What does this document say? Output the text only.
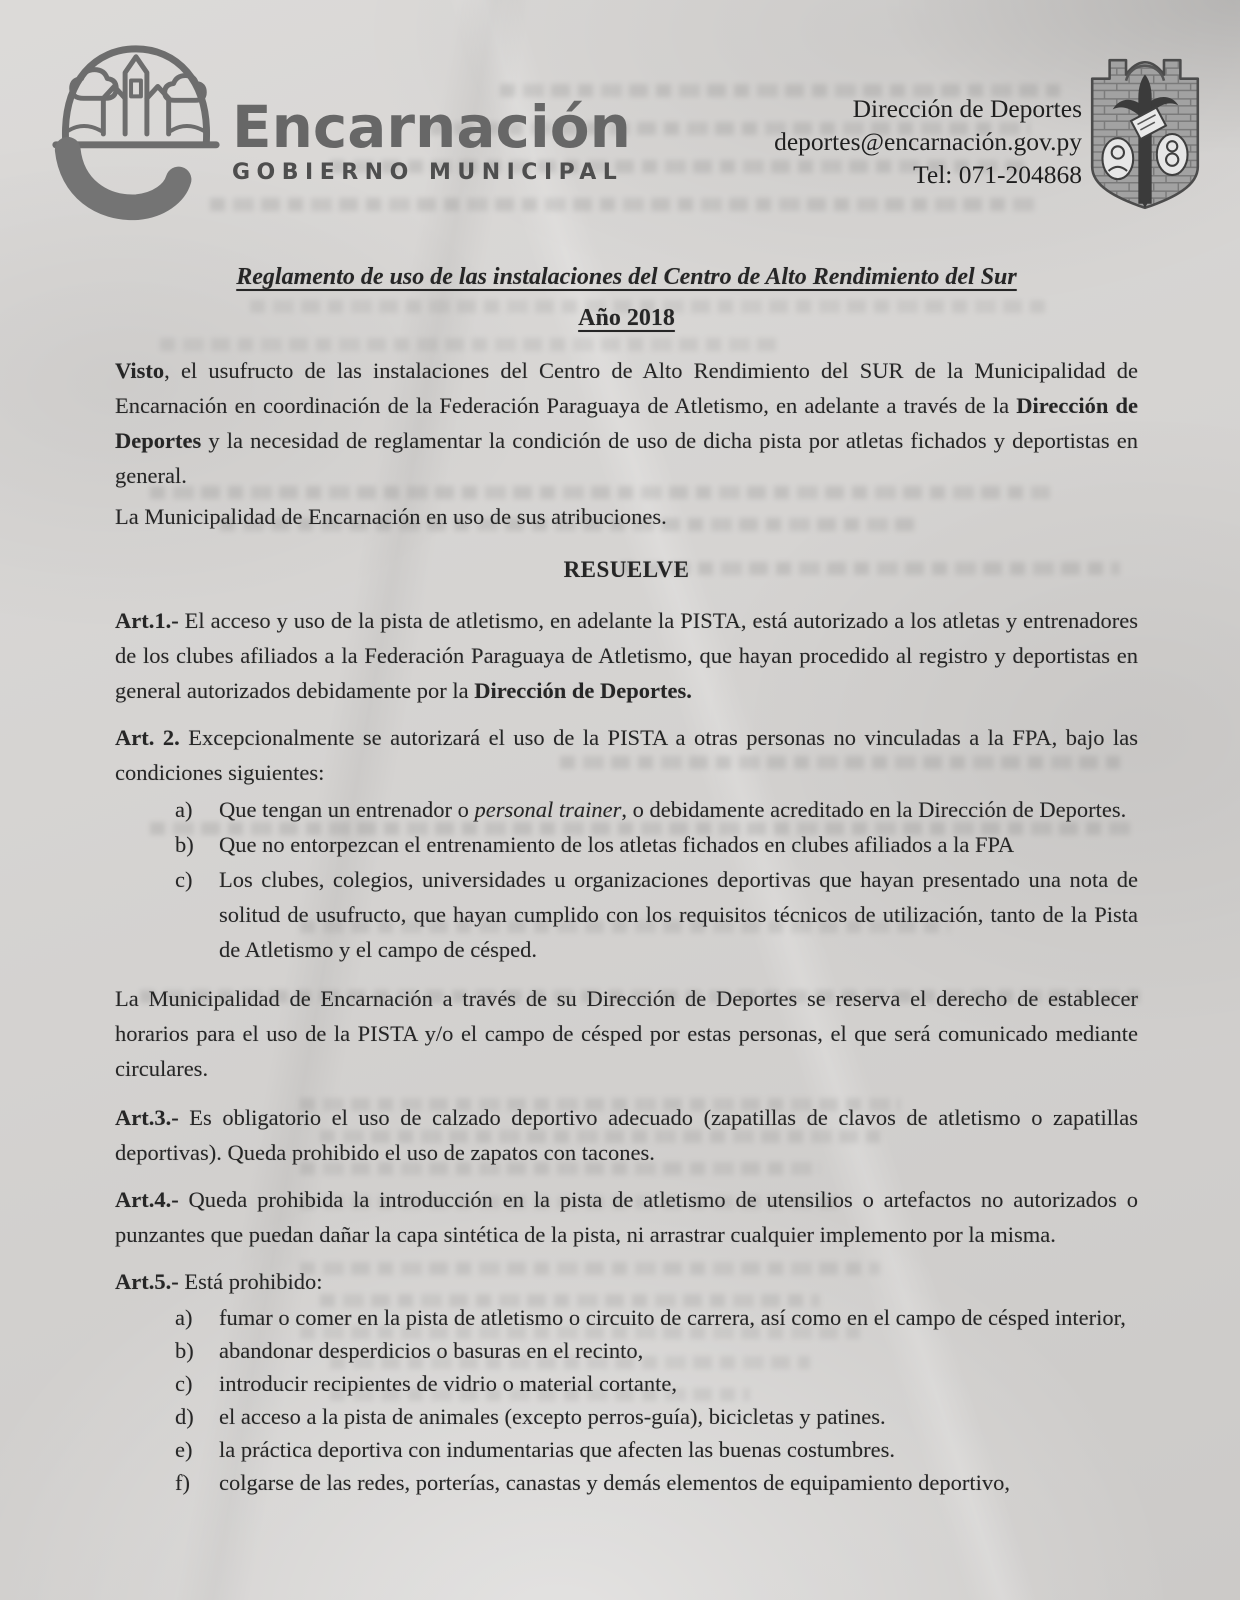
Encarnación
GOBIERNO MUNICIPAL
Dirección de Deportes
deportes@encarnación.gov.py
Tel: 071-204868
Reglamento de uso de las instalaciones del Centro de Alto Rendimiento del Sur
Año 2018

Visto, el usufructo de las instalaciones del Centro de Alto Rendimiento del SUR de la Municipalidad de Encarnación en coordinación de la Federación Paraguaya de Atletismo, en adelante a través de la Dirección de Deportes y la necesidad de reglamentar la condición de uso de dicha pista por atletas fichados y deportistas en general.

La Municipalidad de Encarnación en uso de sus atribuciones.

RESUELVE

Art.1.- El acceso y uso de la pista de atletismo, en adelante la PISTA, está autorizado a los atletas y entrenadores de los clubes afiliados a la Federación Paraguaya de Atletismo, que hayan procedido al registro y deportistas en general autorizados debidamente por la Dirección de Deportes.

Art. 2. Excepcionalmente se autorizará el uso de la PISTA a otras personas no vinculadas a la FPA, bajo las condiciones siguientes:

a)	Que tengan un entrenador o personal trainer, o debidamente acreditado en la Dirección de Deportes.
b)	Que no entorpezcan el entrenamiento de los atletas fichados en clubes afiliados a la FPA
c)	Los clubes, colegios, universidades u organizaciones deportivas que hayan presentado una nota de solitud de usufructo, que hayan cumplido con los requisitos técnicos de utilización, tanto de la Pista de Atletismo y el campo de césped.

La Municipalidad de Encarnación a través de su Dirección de Deportes se reserva el derecho de establecer horarios para el uso de la PISTA y/o el campo de césped por estas personas, el que será comunicado mediante circulares.

Art.3.- Es obligatorio el uso de calzado deportivo adecuado (zapatillas de clavos de atletismo o zapatillas deportivas). Queda prohibido el uso de zapatos con tacones.

Art.4.- Queda prohibida la introducción en la pista de atletismo de utensilios o artefactos no autorizados o punzantes que puedan dañar la capa sintética de la pista, ni arrastrar cualquier implemento por la misma.

Art.5.- Está prohibido:

a)	fumar o comer en la pista de atletismo o circuito de carrera, así como en el campo de césped interior,
b)	abandonar desperdicios o basuras en el recinto,
c)	introducir recipientes de vidrio o material cortante,
d)	el acceso a la pista de animales (excepto perros-guía), bicicletas y patines.
e)	la práctica deportiva con indumentarias que afecten las buenas costumbres.
f)	colgarse de las redes, porterías, canastas y demás elementos de equipamiento deportivo,
